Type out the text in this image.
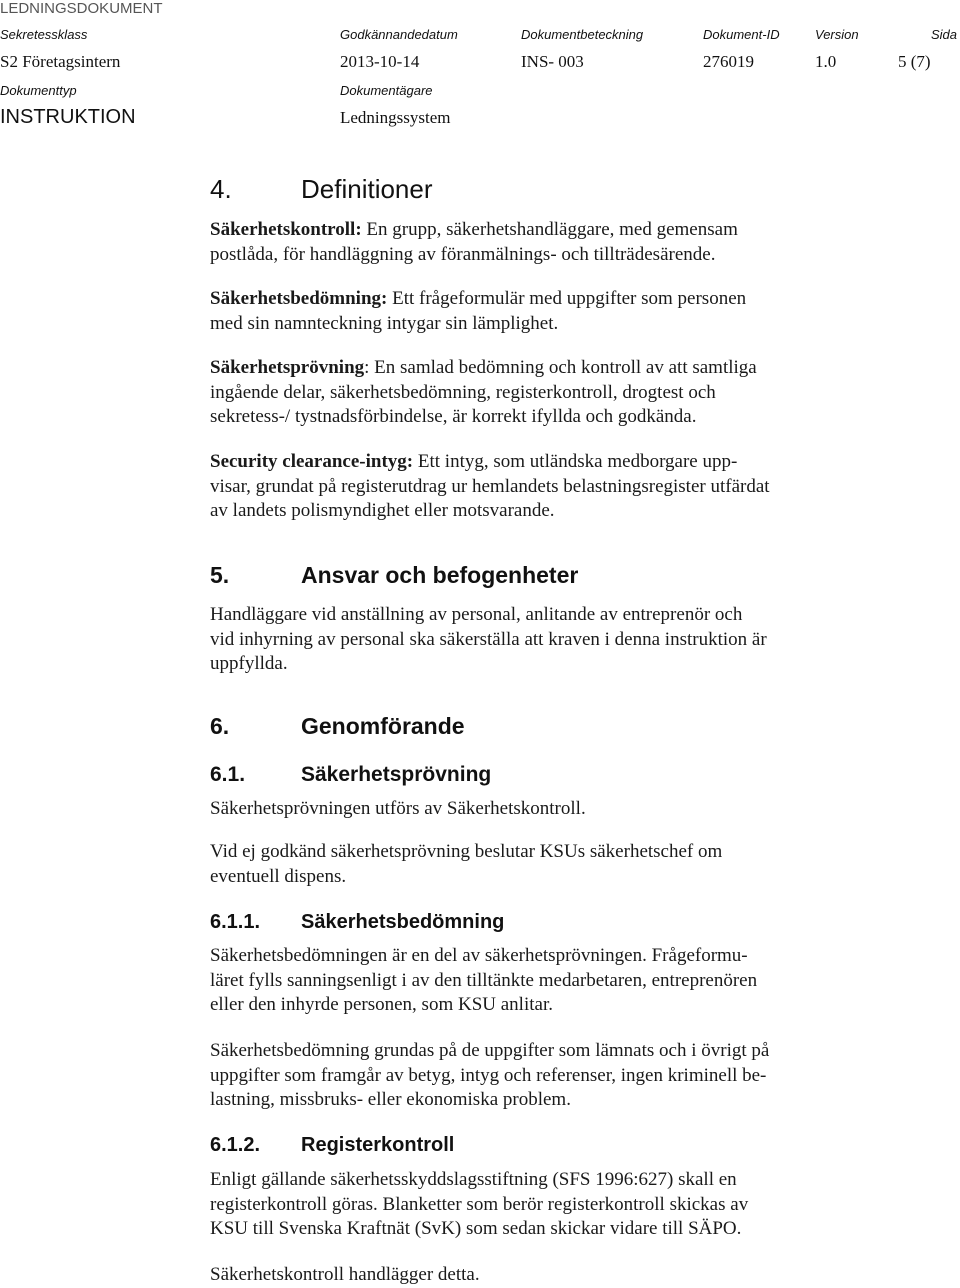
LEDNINGSDOKUMENT
Sekretessklass	Godkännandedatum	Dokumentbeteckning	Dokument-ID	Version	Sida
S2 Företagsintern	2013-10-14	INS- 003	276019	1.0	5 (7)
Dokumenttyp	Dokumentägare
INSTRUKTION	Ledningssystem
4.	Definitioner

Säkerhetskontroll: En grupp, säkerhetshandläggare, med gemensam
postlåda, för handläggning av föranmälnings- och tillträdesärende.

Säkerhetsbedömning: Ett frågeformulär med uppgifter som personen
med sin namnteckning intygar sin lämplighet.

Säkerhetsprövning: En samlad bedömning och kontroll av att samtliga
ingående delar, säkerhetsbedömning, registerkontroll, drogtest och
sekretess-/ tystnadsförbindelse, är korrekt ifyllda och godkända.

Security clearance-intyg: Ett intyg, som utländska medborgare upp-
visar, grundat på registerutdrag ur hemlandets belastningsregister utfärdat
av landets polismyndighet eller motsvarande.

5.	Ansvar och befogenheter

Handläggare vid anställning av personal, anlitande av entreprenör och
vid inhyrning av personal ska säkerställa att kraven i denna instruktion är
uppfyllda.

6.	Genomförande
6.1.	Säkerhetsprövning

Säkerhetsprövningen utförs av Säkerhetskontroll.

Vid ej godkänd säkerhetsprövning beslutar KSUs säkerhetschef om
eventuell dispens.

6.1.1. Säkerhetsbedömning

Säkerhetsbedömningen är en del av säkerhetsprövningen. Frågeformu-
läret fylls sanningsenligt i av den tilltänkte medarbetaren, entreprenören
eller den inhyrde personen, som KSU anlitar.

Säkerhetsbedömning grundas på de uppgifter som lämnats och i övrigt på
uppgifter som framgår av betyg, intyg och referenser, ingen kriminell be-
lastning, missbruks- eller ekonomiska problem.

6.1.2. Registerkontroll

Enligt gällande säkerhetsskyddslagsstiftning (SFS 1996:627) skall en
registerkontroll göras. Blanketter som berör registerkontroll skickas av
KSU till Svenska Kraftnät (SvK) som sedan skickar vidare till SÄPO.

Säkerhetskontroll handlägger detta.
